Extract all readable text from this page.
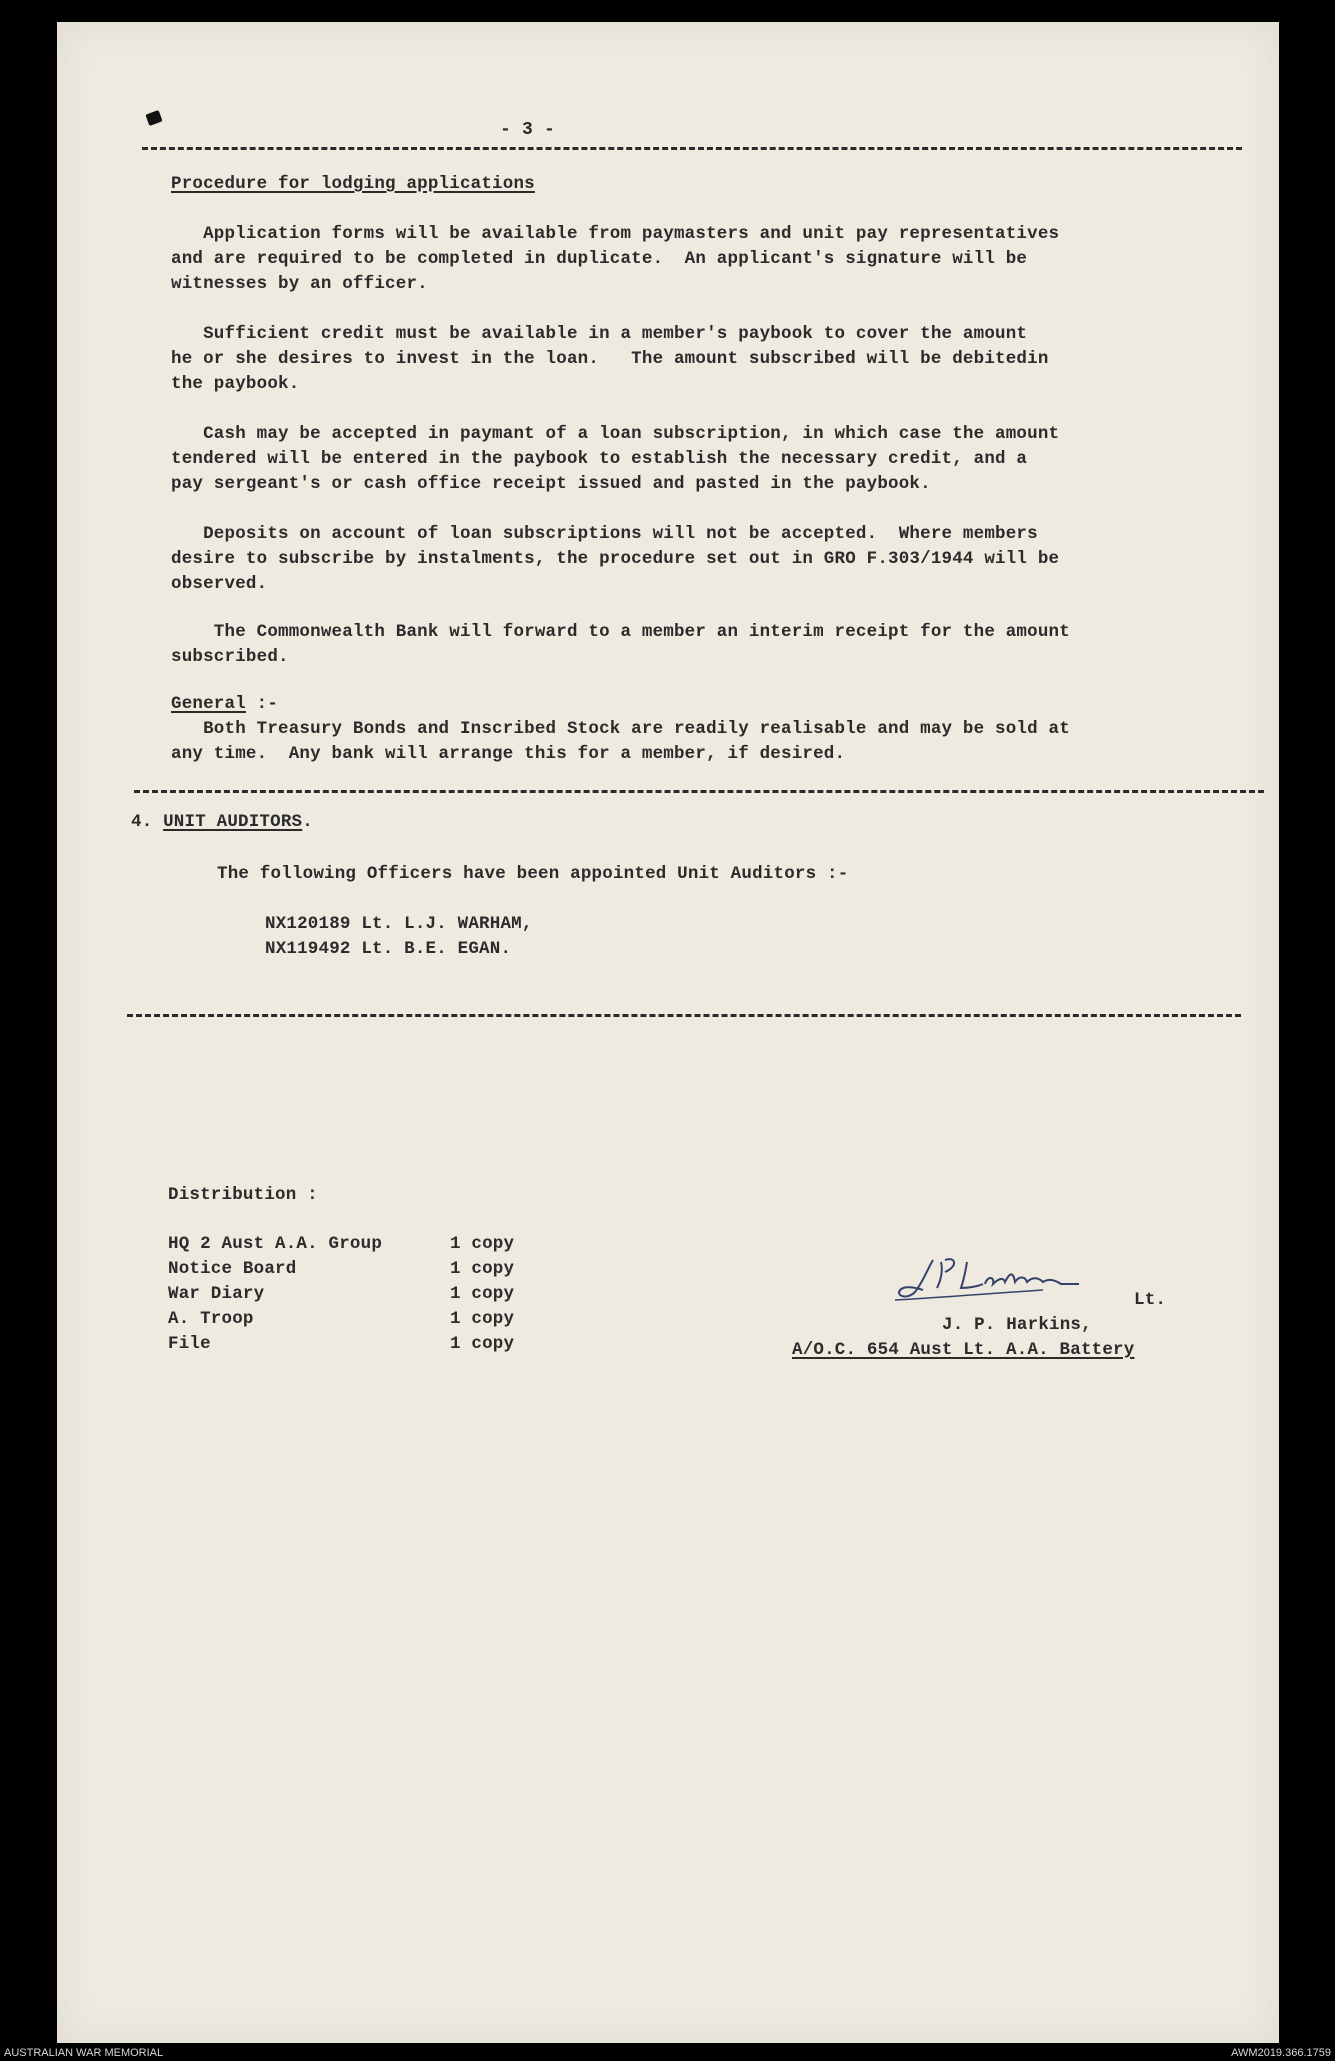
- 3 -
Procedure for lodging applications
Application forms will be available from paymasters and unit pay representatives
and are required to be completed in duplicate.  An applicant's signature will be
witnesses by an officer.
Sufficient credit must be available in a member's paybook to cover the amount
he or she desires to invest in the loan.   The amount subscribed will be debitedin
the paybook.
Cash may be accepted in paymant of a loan subscription, in which case the amount
tendered will be entered in the paybook to establish the necessary credit, and a
pay sergeant's or cash office receipt issued and pasted in the paybook.
Deposits on account of loan subscriptions will not be accepted.  Where members
desire to subscribe by instalments, the procedure set out in GRO F.303/1944 will be
observed.
The Commonwealth Bank will forward to a member an interim receipt for the amount
subscribed.
General :-
Both Treasury Bonds and Inscribed Stock are readily realisable and may be sold at
any time.  Any bank will arrange this for a member, if desired.
4. UNIT AUDITORS.
The following Officers have been appointed Unit Auditors :-
NX120189 Lt. L.J. WARHAM,
NX119492 Lt. B.E. EGAN.
Distribution :
HQ 2 Aust A.A. Group	1 copy
Notice Board	1 copy
War Diary	1 copy
A. Troop	1 copy
File	1 copy
Lt.
J. P. Harkins,
A/O.C. 654 Aust Lt. A.A. Battery
AUSTRALIAN WAR MEMORIAL	AWM2019.366.1759
